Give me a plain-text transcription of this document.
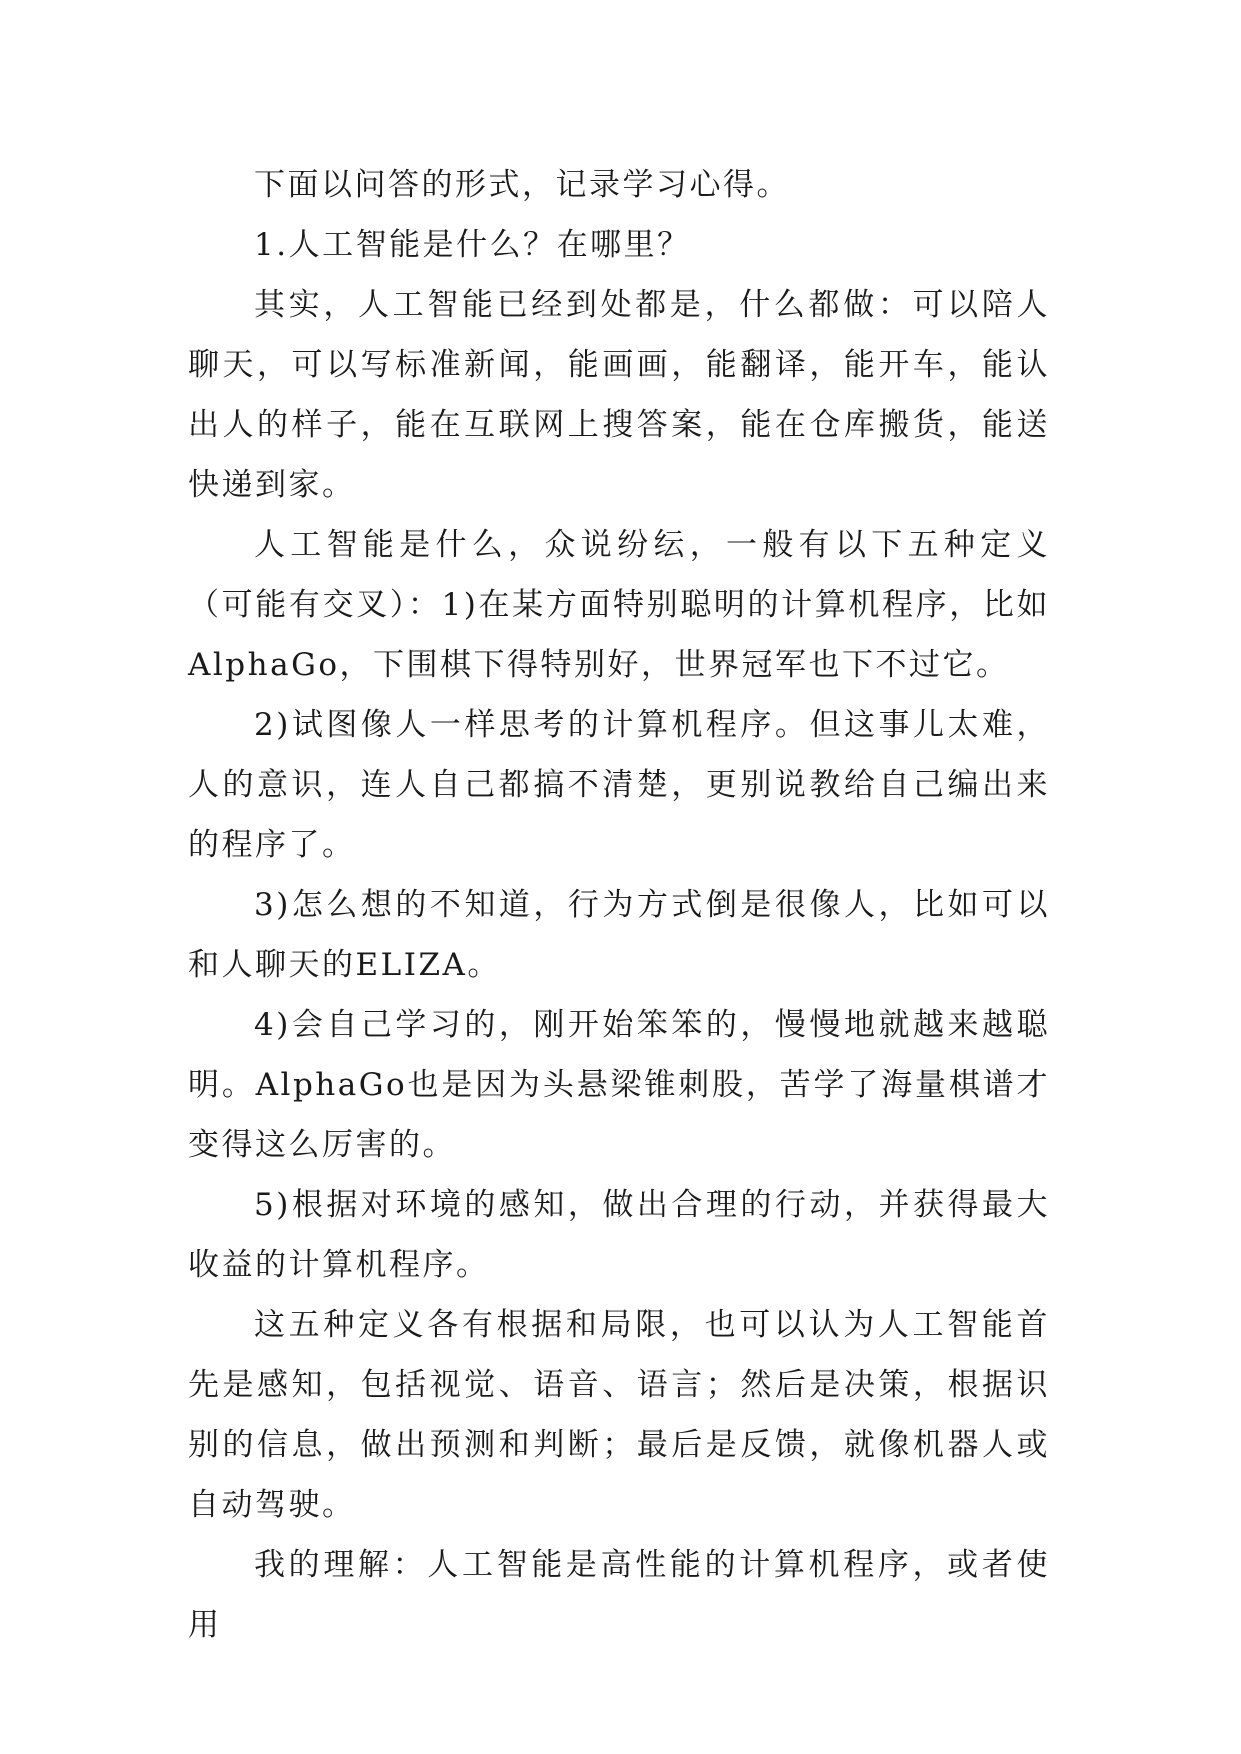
下面以问答的形式，记录学习心得。

1.人工智能是什么？在哪里？

其实，人工智能已经到处都是，什么都做：可以陪人聊天，可以写标准新闻，能画画，能翻译，能开车，能认出人的样子，能在互联网上搜答案，能在仓库搬货，能送快递到家。

人工智能是什么，众说纷纭，一般有以下五种定义（可能有交叉）：1)在某方面特别聪明的计算机程序，比如AlphaGo，下围棋下得特别好，世界冠军也下不过它。

2)试图像人一样思考的计算机程序。但这事儿太难，人的意识，连人自己都搞不清楚，更别说教给自己编出来的程序了。

3)怎么想的不知道，行为方式倒是很像人，比如可以和人聊天的ELIZA。

4)会自己学习的，刚开始笨笨的，慢慢地就越来越聪明。AlphaGo也是因为头悬梁锥刺股，苦学了海量棋谱才变得这么厉害的。

5)根据对环境的感知，做出合理的行动，并获得最大收益的计算机程序。

这五种定义各有根据和局限，也可以认为人工智能首先是感知，包括视觉、语音、语言；然后是决策，根据识别的信息，做出预测和判断；最后是反馈，就像机器人或自动驾驶。

我的理解：人工智能是高性能的计算机程序，或者使用
